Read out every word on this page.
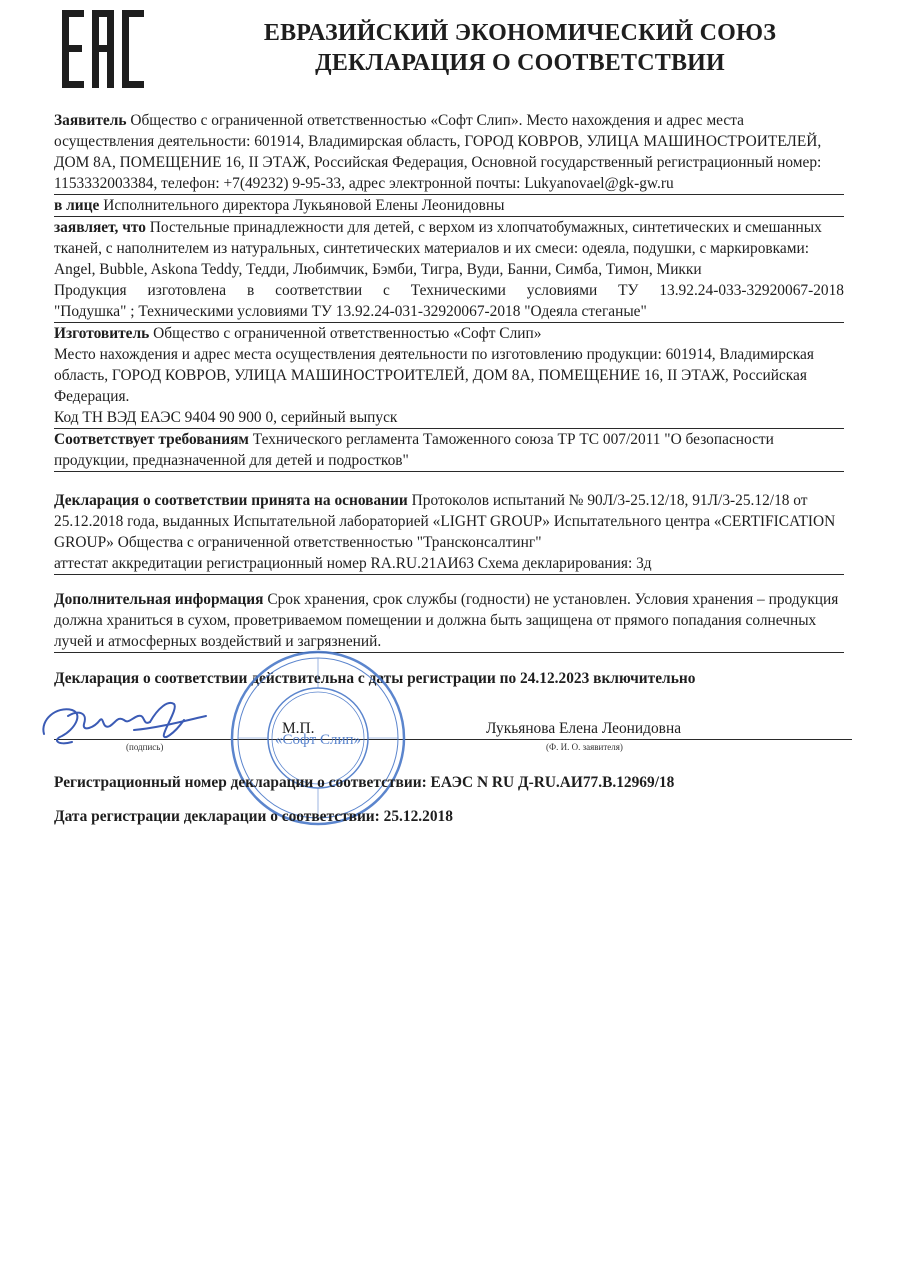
ЕВРАЗИЙСКИЙ ЭКОНОМИЧЕСКИЙ СОЮЗ
ДЕКЛАРАЦИЯ О СООТВЕТСТВИИ

Заявитель Общество с ограниченной ответственностью «Софт Слип». Место нахождения и адрес места осуществления деятельности: 601914, Владимирская область, ГОРОД КОВРОВ, УЛИЦА МАШИНОСТРОИТЕЛЕЙ, ДОМ 8А, ПОМЕЩЕНИЕ 16, II ЭТАЖ, Российская Федерация, Основной государственный регистрационный номер: 1153332003384, телефон: +7(49232) 9-95-33, адрес электронной почты: Lukyanovael@gk-gw.ru

в лице Исполнительного директора Лукьяновой Елены Леонидовны

заявляет, что Постельные принадлежности для детей, с верхом из хлопчатобумажных, синтетических и смешанных тканей, с наполнителем из натуральных, синтетических материалов и их смеси: одеяла, подушки, с маркировками: Angel, Bubble, Askona Teddy, Тедди, Любимчик, Бэмби, Тигра, Вуди, Банни, Симба, Тимон, Микки

Продукция изготовлена в соответствии с Техническими условиями ТУ 13.92.24-033-32920067-2018

"Подушка" ; Техническими условиями ТУ 13.92.24-031-32920067-2018 "Одеяла стеганые"

Изготовитель Общество с ограниченной ответственностью «Софт Слип»

Место нахождения и адрес места осуществления деятельности по изготовлению продукции: 601914, Владимирская область, ГОРОД КОВРОВ, УЛИЦА МАШИНОСТРОИТЕЛЕЙ, ДОМ 8А, ПОМЕЩЕНИЕ 16, II ЭТАЖ, Российская Федерация.

Код ТН ВЭД ЕАЭС 9404 90 900 0, серийный выпуск

Соответствует требованиям Технического регламента Таможенного союза ТР ТС 007/2011 "О безопасности продукции, предназначенной для детей и подростков"

Декларация о соответствии принята на основании Протоколов испытаний № 90Л/3-25.12/18, 91Л/3-25.12/18 от 25.12.2018 года, выданных Испытательной лабораторией «LIGHT GROUP» Испытательного центра «CERTIFICATION GROUP» Общества с ограниченной ответственностью "Трансконсалтинг"

аттестат аккредитации регистрационный номер RA.RU.21АИ63 Схема декларирования: 3д

Дополнительная информация Срок хранения, срок службы (годности) не установлен. Условия хранения – продукция должна храниться в сухом, проветриваемом помещении и должна быть защищена от прямого попадания солнечных лучей и атмосферных воздействий и загрязнений.

Декларация о соответствии действительна с даты регистрации по 24.12.2023 включительно
(подпись)
М.П.	Лукьянова Елена Леонидовна
(Ф. И. О. заявителя)
«Софт Слип»
Регистрационный номер декларации о соответствии: ЕАЭС N RU Д-RU.АИ77.В.12969/18
Дата регистрации декларации о соответствии: 25.12.2018
